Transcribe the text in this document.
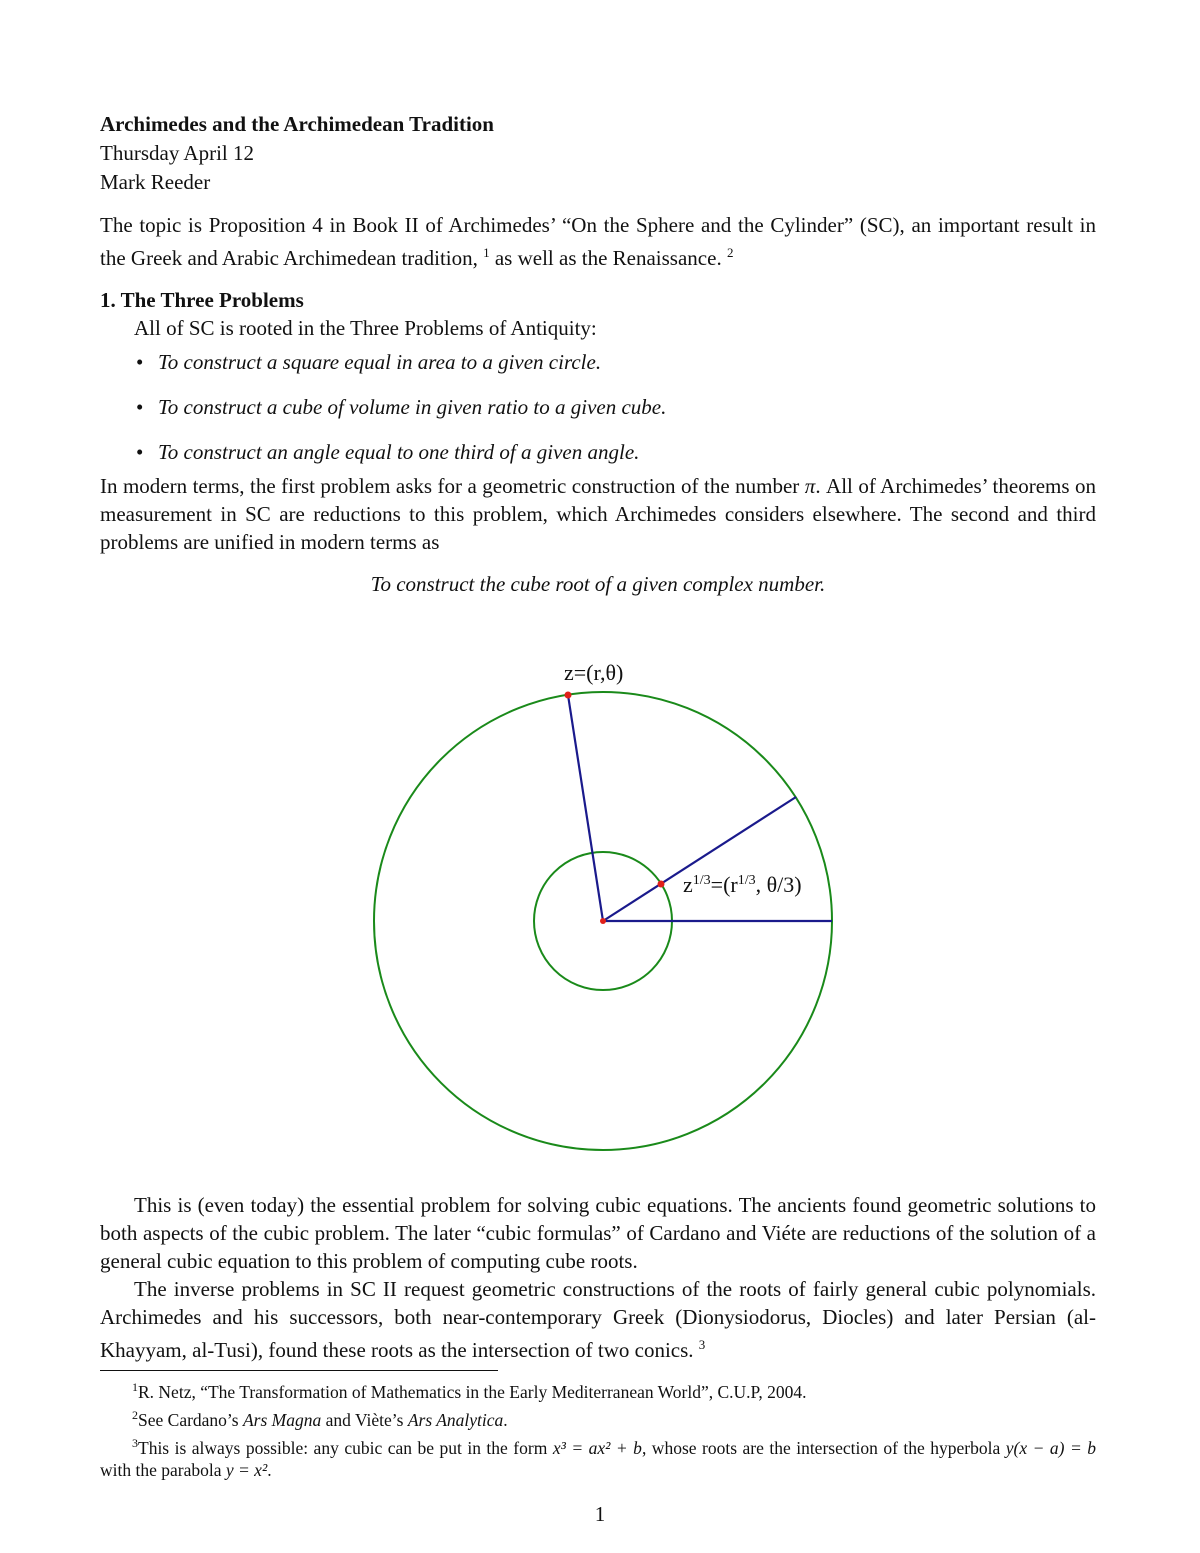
Archimedes and the Archimedean Tradition
Thursday April 12
Mark Reeder

The topic is Proposition 4 in Book II of Archimedes’ “On the Sphere and the Cylinder” (SC), an important result in the Greek and Arabic Archimedean tradition, $^1$ as well as the Renaissance. $^2$

1. The Three Problems

All of SC is rooted in the Three Problems of Antiquity:

• To construct a square equal in area to a given circle.
• To construct a cube of volume in given ratio to a given cube.
• To construct an angle equal to one third of a given angle.

In modern terms, the first problem asks for a geometric construction of the number π. All of Archimedes’ theorems on measurement in SC are reductions to this problem, which Archimedes considers elsewhere. The second and third problems are unified in modern terms as

To construct the cube root of a given complex number.
z=(r,θ)
$z^{1/3}=(r^{1/3}$, θ/3)

This is (even today) the essential problem for solving cubic equations. The ancients found geometric solutions to both aspects of the cubic problem. The later “cubic formulas” of Cardano and Viéte are reductions of the solution of a general cubic equation to this problem of computing cube roots.

The inverse problems in SC II request geometric constructions of the roots of fairly general cubic polynomials. Archimedes and his successors, both near-contemporary Greek (Dionysiodorus, Diocles) and later Persian (al-Khayyam, al-Tusi), found these roots as the intersection of two conics. $^3$

$^1$R. Netz, “The Transformation of Mathematics in the Early Mediterranean World”, C.U.P, 2004.
$^2$See Cardano’s Ars Magna and Viète’s Ars Analytica.
$^3$This is always possible: any cubic can be put in the form x³ = ax² + b, whose roots are the intersection of the hyperbola y(x − a) = b with the parabola y = x².
1
